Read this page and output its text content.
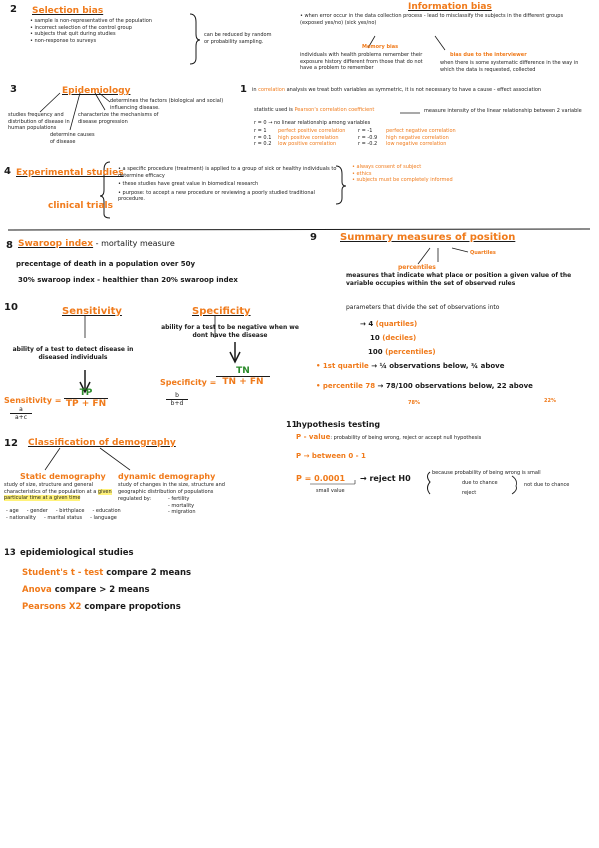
2 Selection bias
• sample is non-representative of the population
• incorrect selection of the control group
• subjects that quit during studies
• non-response to surveys
can be reduced by random or probability sampling.
Information bias
• when error occur in the data collection process - lead to misclassify the subjects in the different groups (exposed yes/no) (sick yes/no)
Memory bias
individuals with health problems remember their exposure history different from those that do not have a problem to remember
bias due to the interviewer
when there is some systematic difference in the way in which the data is requested, collected
3	Epidemiology
studies frequency and distribution of disease in human populations
determines the factors (biological and social) influencing disease.
characterize the mechanisms of disease progression
determine causes of disease
1 in correlation analysis we treat both variables as symmetric, it is not necessary to have a cause - effect association
statistic used is Pearson's correlation coefficient	measure intensity of the linear relationship between 2 variable
r = 0 → no linear relationship among variables
r = 1	perfect positive correlation	r = -1	perfect negative correlation
r = 0.1	high positive correlation	r = -0.9	high negative correlation
r = 0.2	low positive correlation	r = -0.2	low negative correlation
4 Experimental studies
clinical trials
• a specific procedure (treatment) is applied to a group of sick or healthy individuals to determine efficacy
• these studies have great value in biomedical research
• purpose: to accept a new procedure or reviewing a poorly studied traditional procedure.
• always consent of subject
• ethics
• subjects must be completely informed
8 Swaroop index - mortality measure
precentage of death in a population over 50y
30% swaroop index - healthier than 20% swaroop index
9 Summary measures of position
Quartiles
percentiles
measures that indicate what place or position a given value of the variable occupies within the set of observed rules
parameters that divide the set of observations into
→ 4 (quartiles)
10 (deciles)
100 (percentiles)
• 1st quartile → ¼ observations below, ¾ above
• percentile 78 → 78/100 observations below, 22 above
78%	22%
10	Sensitivity
ability of a test to detect disease in diseased individuals
Sensitivity =
TP
TP + FN
a
a+c
Specificity
ability for a test to be negative when we dont have the disease
Specificity =
TN
TN + FN
b
b+d
11
hypothesis testing
P - value: probability of being wrong, reject or accept null hypothesis
P → between 0 - 1
P = 0.0001
small value
→ reject H0
because probability of being wrong is small
due to chance	not due to chance
reject
12 Classification of demography
Static demography
study of size, structure and general characteristics of the population at a given particular time at a given time
- age - gender - birthplace - education
- nationality - marital status - language
dynamic demography
study of changes in the size, structure and geographic distribution of populations
regulated by:	- fertility
- mortality
- migration
13 epidemiological studies
Student's t - test compare 2 means
Anova compare > 2 means
Pearsons X2 compare propotions
